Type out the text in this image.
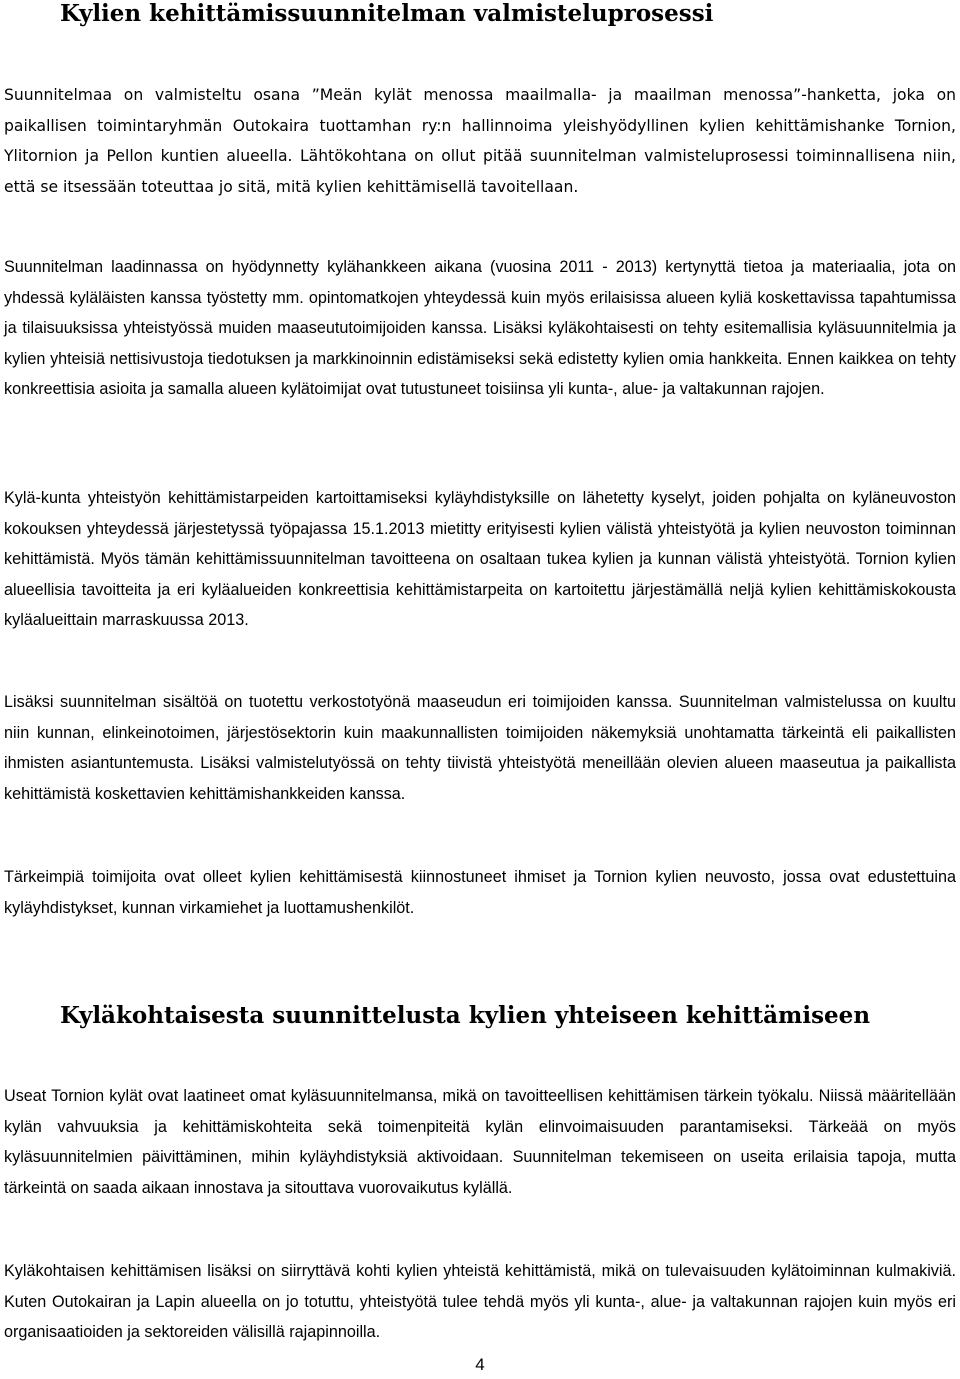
Kylien kehittämissuunnitelman valmisteluprosessi

Suunnitelmaa on valmisteltu osana ”Meän kylät menossa maailmalla- ja maailman menossa”-hanketta, joka on paikallisen toimintaryhmän Outokaira tuottamhan ry:n hallinnoima yleishyödyllinen kylien kehittämishanke Tornion, Ylitornion ja Pellon kuntien alueella. Lähtökohtana on ollut pitää suunnitelman valmisteluprosessi toiminnallisena niin, että se itsessään toteuttaa jo sitä, mitä kylien kehittämisellä tavoitellaan.

Suunnitelman laadinnassa on hyödynnetty kylähankkeen aikana (vuosina 2011 - 2013) kertynyttä tietoa ja materiaalia, jota on yhdessä kyläläisten kanssa työstetty mm. opintomatkojen yhteydessä kuin myös erilaisissa alueen kyliä koskettavissa tapahtumissa ja tilaisuuksissa yhteistyössä muiden maaseututoimijoiden kanssa. Lisäksi kyläkohtaisesti on tehty esitemallisia kyläsuunnitelmia ja kylien yhteisiä nettisivustoja tiedotuksen ja markkinoinnin edistämiseksi sekä edistetty kylien omia hankkeita. Ennen kaikkea on tehty konkreettisia asioita ja samalla alueen kylätoimijat ovat tutustuneet toisiinsa yli kunta-, alue- ja valtakunnan rajojen.

Kylä-kunta yhteistyön kehittämistarpeiden kartoittamiseksi kyläyhdistyksille on lähetetty kyselyt, joiden pohjalta on kyläneuvoston kokouksen yhteydessä järjestetyssä työpajassa 15.1.2013 mietitty erityisesti kylien välistä yhteistyötä ja kylien neuvoston toiminnan kehittämistä. Myös tämän kehittämissuunnitelman tavoitteena on osaltaan tukea kylien ja kunnan välistä yhteistyötä. Tornion kylien alueellisia tavoitteita ja eri kyläalueiden konkreettisia kehittämistarpeita on kartoitettu järjestämällä neljä kylien kehittämiskokousta kyläalueittain marraskuussa 2013.

Lisäksi suunnitelman sisältöä on tuotettu verkostotyönä maaseudun eri toimijoiden kanssa. Suunnitelman valmistelussa on kuultu niin kunnan, elinkeinotoimen, järjestösektorin kuin maakunnallisten toimijoiden näkemyksiä unohtamatta tärkeintä eli paikallisten ihmisten asiantuntemusta. Lisäksi valmistelutyössä on tehty tiivistä yhteistyötä meneillään olevien alueen maaseutua ja paikallista kehittämistä koskettavien kehittämishankkeiden kanssa.

Tärkeimpiä toimijoita ovat olleet kylien kehittämisestä kiinnostuneet ihmiset ja Tornion kylien neuvosto, jossa ovat edustettuina kyläyhdistykset, kunnan virkamiehet ja luottamushenkilöt.

Kyläkohtaisesta suunnittelusta kylien yhteiseen kehittämiseen

Useat Tornion kylät ovat laatineet omat kyläsuunnitelmansa, mikä on tavoitteellisen kehittämisen tärkein työkalu. Niissä määritellään kylän vahvuuksia ja kehittämiskohteita sekä toimenpiteitä kylän elinvoimaisuuden parantamiseksi. Tärkeää on myös kyläsuunnitelmien päivittäminen, mihin kyläyhdistyksiä aktivoidaan. Suunnitelman tekemiseen on useita erilaisia tapoja, mutta tärkeintä on saada aikaan innostava ja sitouttava vuorovaikutus kylällä.

Kyläkohtaisen kehittämisen lisäksi on siirryttävä kohti kylien yhteistä kehittämistä, mikä on tulevaisuuden kylätoiminnan kulmakiviä. Kuten Outokairan ja Lapin alueella on jo totuttu, yhteistyötä tulee tehdä myös yli kunta-, alue- ja valtakunnan rajojen kuin myös eri organisaatioiden ja sektoreiden välisillä rajapinnoilla.

4
